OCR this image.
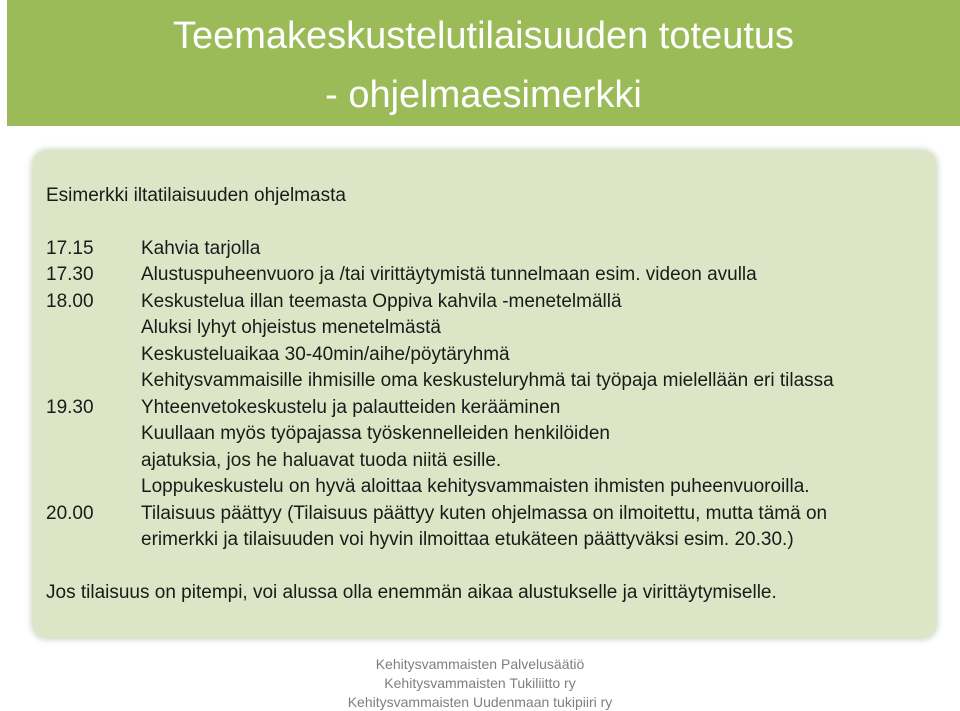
Teemakeskustelutilaisuuden toteutus
- ohjelmaesimerkki
Esimerkki iltatilaisuuden ohjelmasta
17.15	Kahvia tarjolla
17.30	Alustuspuheenvuoro ja /tai virittäytymistä tunnelmaan esim. videon avulla
18.00	Keskustelua illan teemasta Oppiva kahvila -menetelmällä
Aluksi lyhyt ohjeistus menetelmästä
Keskusteluaikaa 30-40min/aihe/pöytäryhmä
Kehitysvammaisille ihmisille oma keskusteluryhmä tai työpaja mielellään eri tilassa
19.30	Yhteenvetokeskustelu ja palautteiden kerääminen
Kuullaan myös työpajassa työskennelleiden henkilöiden
ajatuksia, jos he haluavat tuoda niitä esille.
Loppukeskustelu on hyvä aloittaa kehitysvammaisten ihmisten puheenvuoroilla.
20.00	Tilaisuus päättyy (Tilaisuus päättyy kuten ohjelmassa on ilmoitettu, mutta tämä on
erimerkki ja tilaisuuden voi hyvin ilmoittaa etukäteen päättyväksi esim. 20.30.)
Jos tilaisuus on pitempi, voi alussa olla enemmän aikaa alustukselle ja virittäytymiselle.
Kehitysvammaisten Palvelusäätiö
Kehitysvammaisten Tukiliitto ry
Kehitysvammaisten Uudenmaan tukipiiri ry
